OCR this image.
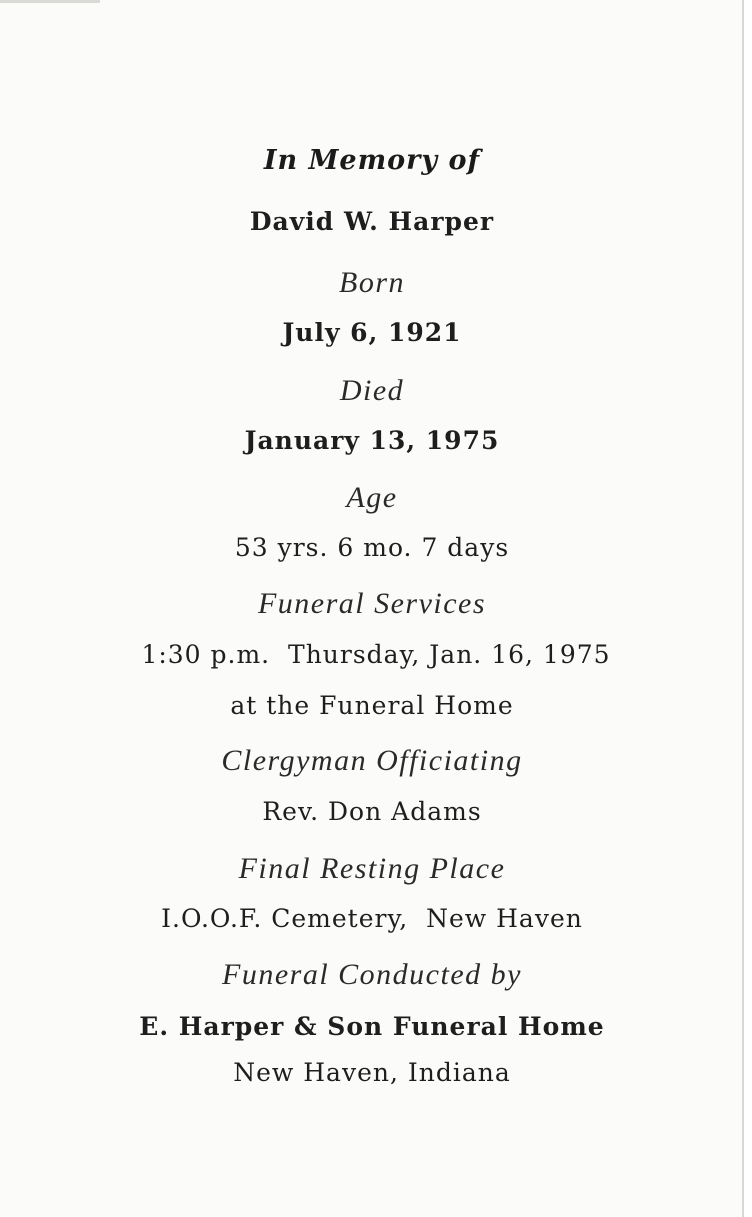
In Memory of
David W. Harper
Born
July 6, 1921
Died
January 13, 1975
Age
53 yrs. 6 mo. 7 days
Funeral Services
1:30 p.m.  Thursday, Jan. 16, 1975
at the Funeral Home
Clergyman Officiating
Rev. Don Adams
Final Resting Place
I.O.O.F. Cemetery,  New Haven
Funeral Conducted by
E. Harper & Son Funeral Home
New Haven, Indiana
